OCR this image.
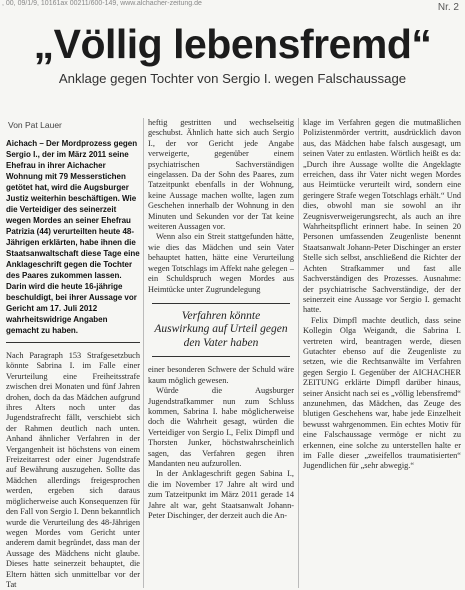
, 00, 09/1/9, 10161ax 00211/600-149, www.alchacher-zeitung.de	Nr. 2
„Völlig lebensfremd“
Anklage gegen Tochter von Sergio I. wegen Falschaussage
Von Pat Lauer
Aichach – Der Mordprozess gegen Sergio I., der im März 2011 seine Ehefrau in ihrer Aichacher Wohnung mit 79 Messerstichen getötet hat, wird die Augsburger Justiz weiterhin beschäftigen. Wie die Verteidiger des seinerzeit wegen Mordes an seiner Ehefrau Patrizia (44) verurteilten heute 48-Jährigen erklärten, habe ihnen die Staatsanwaltschaft diese Tage eine Anklageschrift gegen die Tochter des Paares zukommen lassen. Darin wird die heute 16-jährige beschuldigt, bei ihrer Aussage vor Gericht am 17. Juli 2012 wahrheitswidrige Angaben gemacht zu haben.

Nach Paragraph 153 Strafgesetzbuch könnte Sabrina I. im Falle einer Verurteilung eine Freiheitsstrafe zwischen drei Monaten und fünf Jahren drohen, doch da das Mädchen aufgrund ihres Alters noch unter das Jugendstrafrecht fällt, verschiebt sich der Rahmen deutlich nach unten. Anhand ähnlicher Verfahren in der Vergangenheit ist höchstens von einem Freizeitarrest oder einer Jugendstrafe auf Bewährung auszugehen. Sollte das Mädchen allerdings freigesprochen werden, ergeben sich daraus möglicherweise auch Konsequenzen für den Fall von Sergio I. Denn bekanntlich wurde die Verurteilung des 48-Jährigen wegen Mordes vom Gericht unter anderem damit begründet, dass man der Aussage des Mädchens nicht glaube. Dieses hatte seinerzeit behauptet, die Eltern hätten sich unmittelbar vor der Tat

heftig gestritten und wechselseitig geschubst. Ähnlich hatte sich auch Sergio I., der vor Gericht jede Angabe verweigerte, gegenüber einem psychiatrischen Sachverständigen eingelassen. Da der Sohn des Paares, zum Tatzeitpunkt ebenfalls in der Wohnung, keine Aussage machen wollte, lagen zum Geschehen innerhalb der Wohnung in den Minuten und Sekunden vor der Tat keine weiteren Aussagen vor.

Wenn also ein Streit stattgefunden hätte, wie dies das Mädchen und sein Vater behauptet hatten, hätte eine Verurteilung wegen Totschlags im Affekt nahe gelegen – ein Schuldspruch wegen Mordes aus Heimtücke unter Zugrundelegung

Verfahren könnte Auswirkung auf Urteil gegen den Vater haben

einer besonderen Schwere der Schuld wäre kaum möglich gewesen.

Würde die Augsburger Jugendstrafkammer nun zum Schluss kommen, Sabrina I. habe möglicherweise doch die Wahrheit gesagt, würden die Verteidiger von Sergio I., Felix Dimpfl und Thorsten Junker, höchstwahrscheinlich sagen, das Verfahren gegen ihren Mandanten neu aufzurollen.

In der Anklageschrift gegen Sabina I., die im November 17 Jahre alt wird und zum Tatzeitpunkt im März 2011 gerade 14 Jahre alt war, geht Staatsanwalt Johann-Peter Dischinger, der derzeit auch die An-

klage im Verfahren gegen die mutmaßlichen Polizistenmörder vertritt, ausdrücklich davon aus, das Mädchen habe falsch ausgesagt, um seinen Vater zu entlasten. Wörtlich heißt es da: „Durch ihre Aussage wollte die Angeklagte erreichen, dass ihr Vater nicht wegen Mordes aus Heimtücke verurteilt wird, sondern eine geringere Strafe wegen Totschlags erhält.“ Und dies, obwohl man sie sowohl an ihr Zeugnisverweigerungsrecht, als auch an ihre Wahrheitspflicht erinnert habe. In seinen 20 Personen umfassenden Zeugenliste benennt Staatsanwalt Johann-Peter Dischinger an erster Stelle sich selbst, anschließend die Richter der Achten Strafkammer und fast alle Sachverständigen des Prozesses. Ausnahme: der psychiatrische Sachverständige, der der seinerzeit eine Aussage vor Sergio I. gemacht hatte.

Felix Dimpfl machte deutlich, dass seine Kollegin Olga Weigandt, die Sabrina I. vertreten wird, beantragen werde, diesen Gutachter ebenso auf die Zeugenliste zu setzen, wie die Rechtsanwälte im Verfahren gegen Sergio I. Gegenüber der AICHACHER ZEITUNG erklärte Dimpfl darüber hinaus, seiner Ansicht nach sei es „völlig lebensfremd“ anzunehmen, das Mädchen, das Zeuge des blutigen Geschehens war, habe jede Einzelheit bewusst wahrgenommen. Ein echtes Motiv für eine Falschaussage vermöge er nicht zu erkennen, eine solche zu unterstellen halte er im Falle dieser „zweifellos traumatisierten“ Jugendlichen für „sehr abwegig.“
